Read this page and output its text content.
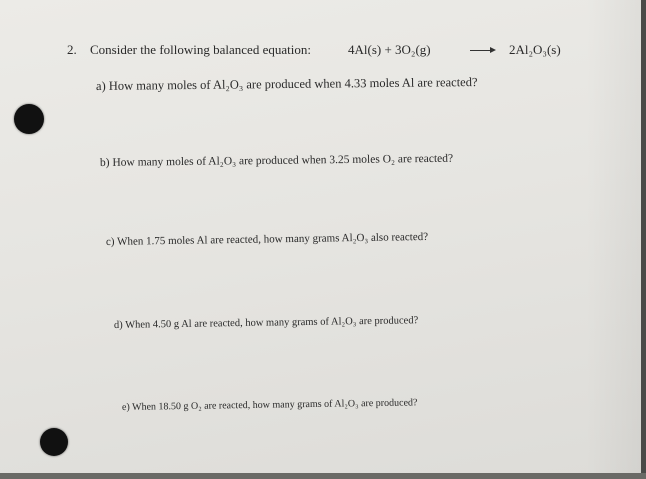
2. Consider the following balanced equation:	4Al(s) + 3O₂(g) → 2Al₂O₃(s)
a) How many moles of Al₂O₃ are produced when 4.33 moles Al are reacted?
b) How many moles of Al₂O₃ are produced when 3.25 moles O₂ are reacted?
c) When 1.75 moles Al are reacted, how many grams Al₂O₃ also reacted?
d) When 4.50 g Al are reacted, how many grams of Al₂O₃ are produced?
e) When 18.50 g O₂ are reacted, how many grams of Al₂O₃ are produced?
